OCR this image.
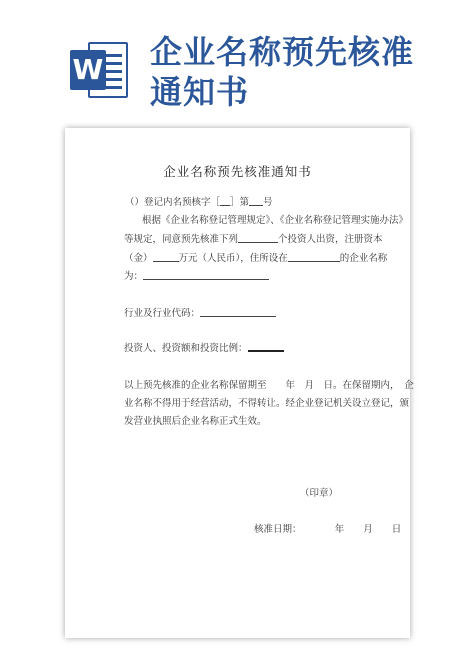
W 企业名称预先核准
通知书
企业名称预先核准通知书
（）登记内名预核字［ ］第 号
根据《企业名称登记管理规定》、《企业名称登记管理实施办法》
等规定，同意预先核准下列	个投资人出资，注册资本
（金）	万元（人民币），住所设在	的企业名称
为：
行业及行业代码：
投资人、投资额和投资比例：
以上预先核准的企业名称保留期至　　年　月　日。在保留期内，　企
业名称不得用于经营活动，不得转让。经企业登记机关设立登记，颁
发营业执照后企业名称正式生效。
（印章）
核准日期：　　　　年　　月　　日
